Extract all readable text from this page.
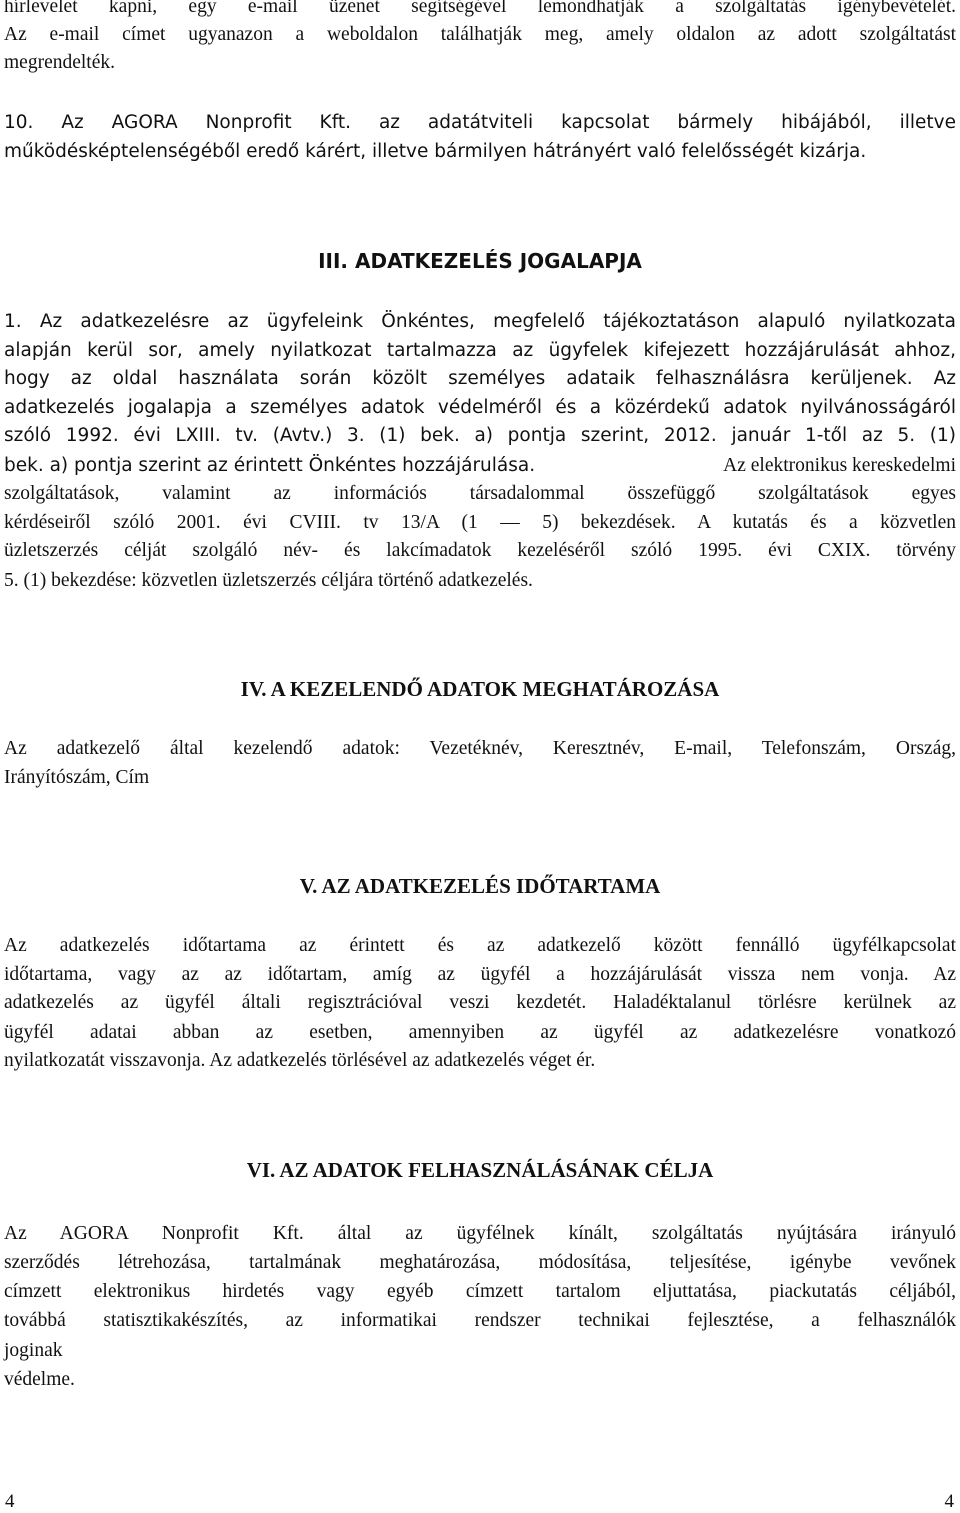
hírlevelet kapni, egy e-mail üzenet segítségével lemondhatják a szolgáltatás igénybevételét.

Az e-mail címet ugyanazon a weboldalon találhatják meg, amely oldalon az adott szolgáltatást

megrendelték.

10. Az AGORA Nonprofit Kft. az adatátviteli kapcsolat bármely hibájából, illetve

működésképtelenségéből eredő kárért, illetve bármilyen hátrányért való felelősségét kizárja.

III. ADATKEZELÉS JOGALAPJA

1. Az adatkezelésre az ügyfeleink Önkéntes, megfelelő tájékoztatáson alapuló nyilatkozata

alapján kerül sor, amely nyilatkozat tartalmazza az ügyfelek kifejezett hozzájárulását ahhoz,

hogy az oldal használata során közölt személyes adataik felhasználásra kerüljenek. Az

adatkezelés jogalapja a személyes adatok védelméről és a közérdekű adatok nyilvánosságáról

szóló 1992. évi LXIII. tv. (Avtv.) 3. (1) bek. a) pontja szerint, 2012. január 1-től az 5. (1)

bek. a) pontja szerint az érintett Önkéntes hozzájárulása.	Az elektronikus kereskedelmi

szolgáltatások, valamint az információs társadalommal összefüggő szolgáltatások egyes

kérdéseiről szóló 2001. évi CVIII. tv 13/A (1 — 5) bekezdések. A kutatás és a közvetlen

üzletszerzés célját szolgáló név- és lakcímadatok kezeléséről szóló 1995. évi CXIX. törvény

5. (1) bekezdése: közvetlen üzletszerzés céljára történő adatkezelés.

IV. A KEZELENDŐ ADATOK MEGHATÁROZÁSA

Az adatkezelő által kezelendő adatok: Vezetéknév, Keresztnév, E-mail, Telefonszám, Ország,

Irányítószám, Cím

V. AZ ADATKEZELÉS IDŐTARTAMA

Az adatkezelés időtartama az érintett és az adatkezelő között fennálló ügyfélkapcsolat

időtartama, vagy az az időtartam, amíg az ügyfél a hozzájárulását vissza nem vonja. Az

adatkezelés az ügyfél általi regisztrációval veszi kezdetét. Haladéktalanul törlésre kerülnek az

ügyfél adatai abban az esetben, amennyiben az ügyfél az adatkezelésre vonatkozó

nyilatkozatát visszavonja. Az adatkezelés törlésével az adatkezelés véget ér.

VI. AZ ADATOK FELHASZNÁLÁSÁNAK CÉLJA

Az AGORA Nonprofit Kft. által az ügyfélnek kínált, szolgáltatás nyújtására irányuló

szerződés létrehozása, tartalmának meghatározása, módosítása, teljesítése, igénybe vevőnek

címzett elektronikus hirdetés vagy egyéb címzett tartalom eljuttatása, piackutatás céljából,

továbbá statisztikakészítés, az informatikai rendszer technikai fejlesztése, a felhasználók

joginak

védelme.

4	4
